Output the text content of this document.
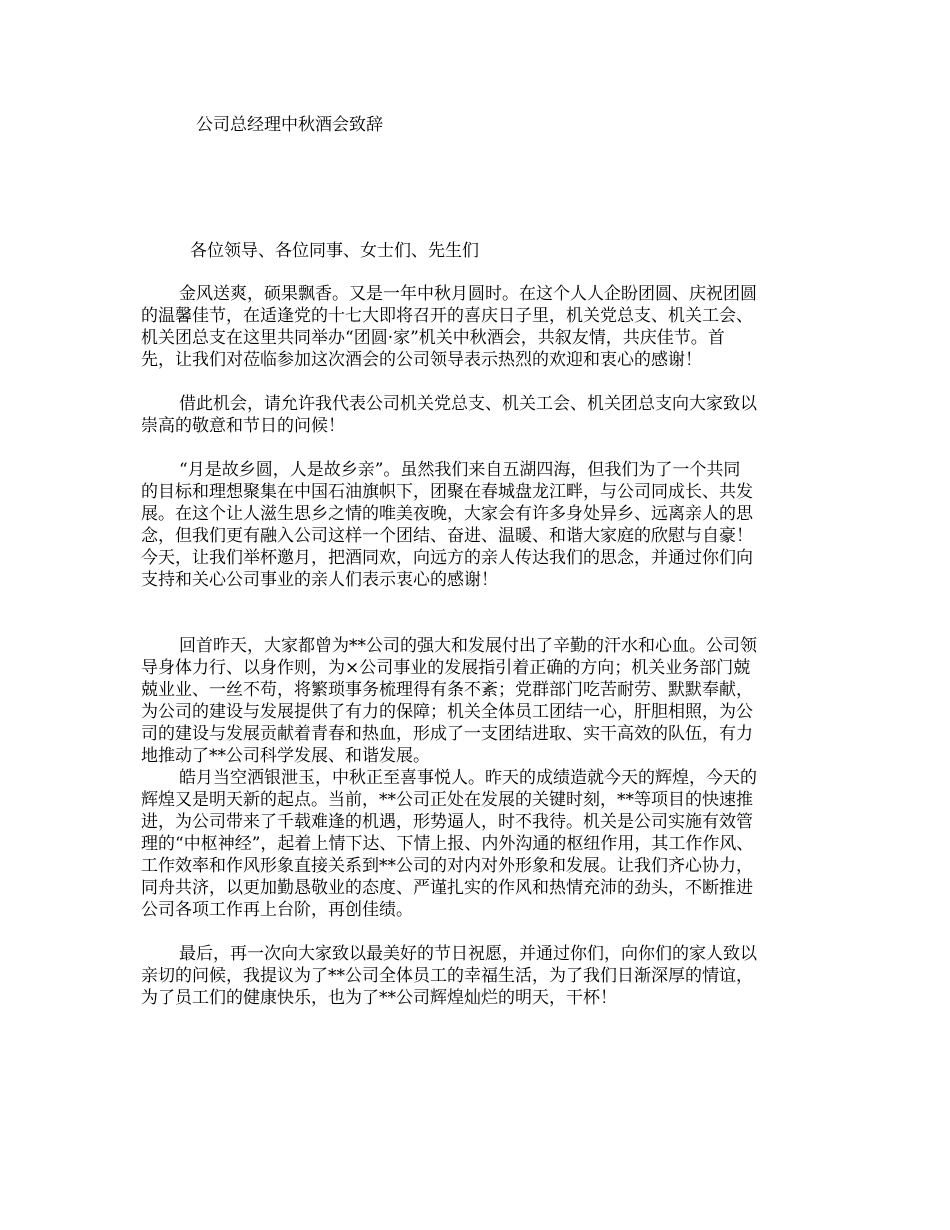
公司总经理中秋酒会致辞
各位领导、各位同事、女士们、先生们
金风送爽，硕果飘香。又是一年中秋月圆时。在这个人人企盼团圆、庆祝团圆
的温馨佳节，在适逢党的十七大即将召开的喜庆日子里，机关党总支、机关工会、
机关团总支在这里共同举办“团圆·家”机关中秋酒会，共叙友情，共庆佳节。首
先，让我们对莅临参加这次酒会的公司领导表示热烈的欢迎和衷心的感谢！
借此机会，请允许我代表公司机关党总支、机关工会、机关团总支向大家致以
崇高的敬意和节日的问候！
“月是故乡圆，人是故乡亲”。虽然我们来自五湖四海，但我们为了一个共同
的目标和理想聚集在中国石油旗帜下，团聚在春城盘龙江畔，与公司同成长、共发
展。在这个让人滋生思乡之情的唯美夜晚，大家会有许多身处异乡、远离亲人的思
念，但我们更有融入公司这样一个团结、奋进、温暖、和谐大家庭的欣慰与自豪！
今天，让我们举杯邀月，把酒同欢，向远方的亲人传达我们的思念，并通过你们向
支持和关心公司事业的亲人们表示衷心的感谢！
回首昨天，大家都曾为**公司的强大和发展付出了辛勤的汗水和心血。公司领
导身体力行、以身作则，为×公司事业的发展指引着正确的方向；机关业务部门兢
兢业业、一丝不苟，将繁琐事务梳理得有条不紊；党群部门吃苦耐劳、默默奉献，
为公司的建设与发展提供了有力的保障；机关全体员工团结一心，肝胆相照，为公
司的建设与发展贡献着青春和热血，形成了一支团结进取、实干高效的队伍，有力
地推动了**公司科学发展、和谐发展。
皓月当空洒银泄玉，中秋正至喜事悦人。昨天的成绩造就今天的辉煌，今天的
辉煌又是明天新的起点。当前，**公司正处在发展的关键时刻，**等项目的快速推
进，为公司带来了千载难逢的机遇，形势逼人，时不我待。机关是公司实施有效管
理的“中枢神经”，起着上情下达、下情上报、内外沟通的枢纽作用，其工作作风、
工作效率和作风形象直接关系到**公司的对内对外形象和发展。让我们齐心协力，
同舟共济，以更加勤恳敬业的态度、严谨扎实的作风和热情充沛的劲头，不断推进
公司各项工作再上台阶，再创佳绩。
最后，再一次向大家致以最美好的节日祝愿，并通过你们，向你们的家人致以
亲切的问候，我提议为了**公司全体员工的幸福生活，为了我们日渐深厚的情谊，
为了员工们的健康快乐，也为了**公司辉煌灿烂的明天，干杯！
